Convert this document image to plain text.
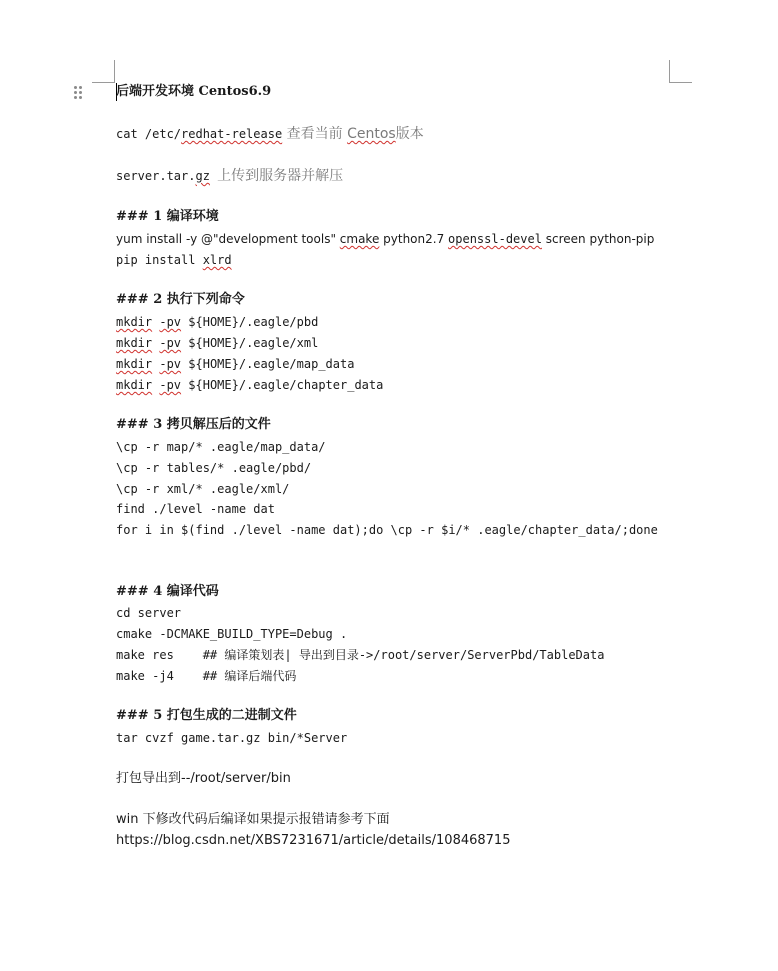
后端开发环境 Centos6.9
cat /etc/redhat-release 查看当前 Centos版本
server.tar.gz 上传到服务器并解压
### 1 编译环境
yum install -y @"development tools" cmake python2.7 openssl-devel screen python-pip
pip install xlrd
### 2 执行下列命令
mkdir -pv ${HOME}/.eagle/pbd
mkdir -pv ${HOME}/.eagle/xml
mkdir -pv ${HOME}/.eagle/map_data
mkdir -pv ${HOME}/.eagle/chapter_data
### 3 拷贝解压后的文件
\cp -r map/* .eagle/map_data/
\cp -r tables/* .eagle/pbd/
\cp -r xml/* .eagle/xml/
find ./level -name dat
for i in $(find ./level -name dat);do \cp -r $i/* .eagle/chapter_data/;done
### 4 编译代码
cd server
cmake -DCMAKE_BUILD_TYPE=Debug .
make res    ## 编译策划表| 导出到目录->/root/server/ServerPbd/TableData
make -j4    ## 编译后端代码
### 5 打包生成的二进制文件
tar cvzf game.tar.gz bin/*Server
打包导出到--/root/server/bin
win 下修改代码后编译如果提示报错请参考下面
https://blog.csdn.net/XBS7231671/article/details/108468715
